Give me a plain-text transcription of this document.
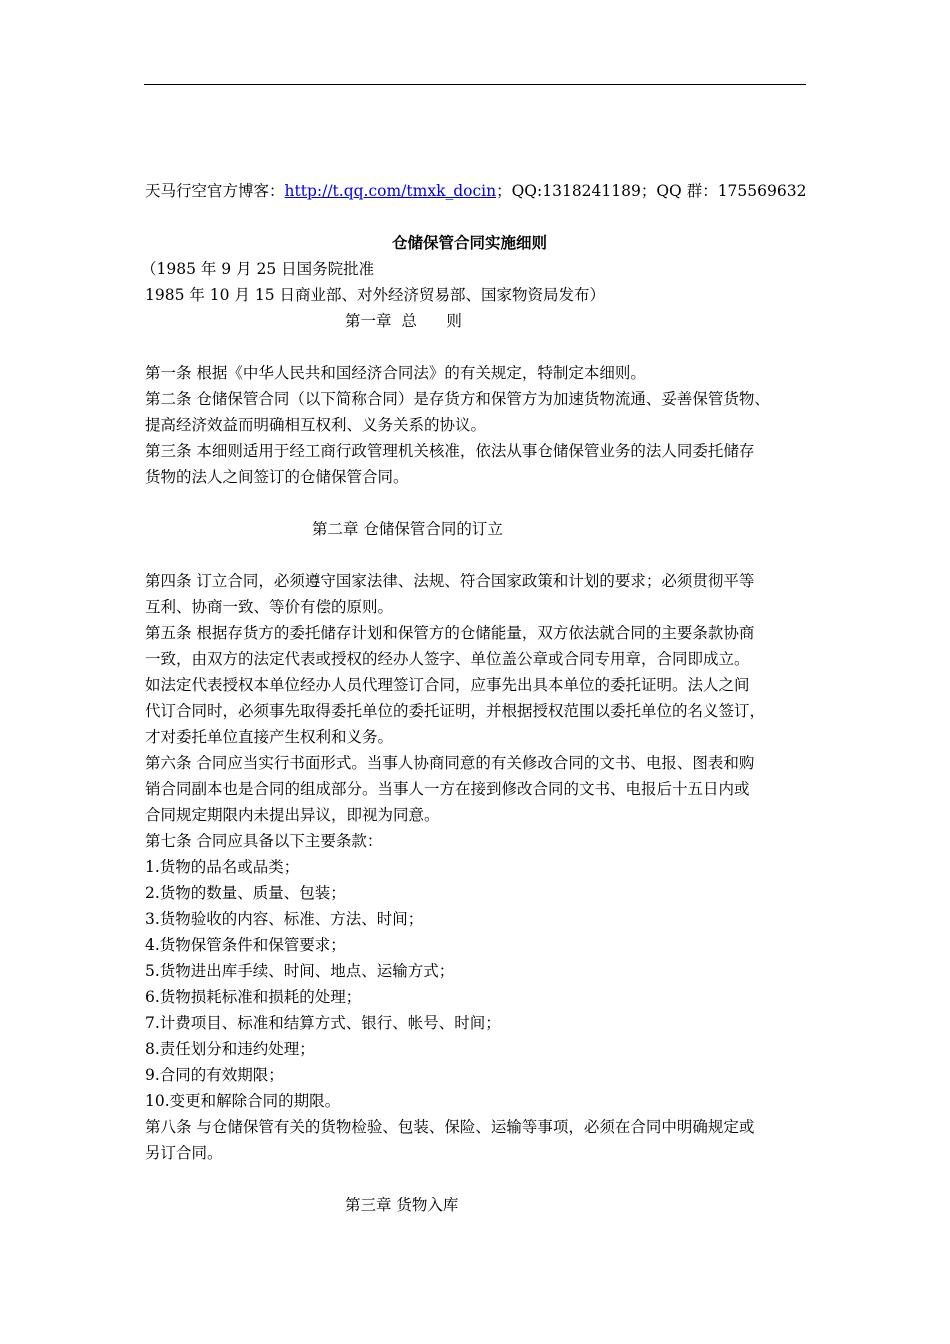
天马行空官方博客：http://t.qq.com/tmxk_docin；QQ:1318241189；QQ 群：175569632
仓储保管合同实施细则
（1985 年 9 月 25 日国务院批准
1985 年 10 月 15 日商业部、对外经济贸易部、国家物资局发布）
第一章  总      则
第一条 根据《中华人民共和国经济合同法》的有关规定，特制定本细则。
第二条 仓储保管合同（以下简称合同）是存货方和保管方为加速货物流通、妥善保管货物、
提高经济效益而明确相互权利、义务关系的协议。
第三条 本细则适用于经工商行政管理机关核准，依法从事仓储保管业务的法人同委托储存
货物的法人之间签订的仓储保管合同。
第二章 仓储保管合同的订立
第四条 订立合同，必须遵守国家法律、法规、符合国家政策和计划的要求；必须贯彻平等
互利、协商一致、等价有偿的原则。
第五条 根据存货方的委托储存计划和保管方的仓储能量，双方依法就合同的主要条款协商
一致，由双方的法定代表或授权的经办人签字、单位盖公章或合同专用章，合同即成立。
如法定代表授权本单位经办人员代理签订合同，应事先出具本单位的委托证明。法人之间
代订合同时，必须事先取得委托单位的委托证明，并根据授权范围以委托单位的名义签订，
才对委托单位直接产生权利和义务。
第六条 合同应当实行书面形式。当事人协商同意的有关修改合同的文书、电报、图表和购
销合同副本也是合同的组成部分。当事人一方在接到修改合同的文书、电报后十五日内或
合同规定期限内未提出异议，即视为同意。
第七条 合同应具备以下主要条款：
1.货物的品名或品类；
2.货物的数量、质量、包装；
3.货物验收的内容、标准、方法、时间；
4.货物保管条件和保管要求；
5.货物进出库手续、时间、地点、运输方式；
6.货物损耗标准和损耗的处理；
7.计费项目、标准和结算方式、银行、帐号、时间；
8.责任划分和违约处理；
9.合同的有效期限；
10.变更和解除合同的期限。
第八条 与仓储保管有关的货物检验、包装、保险、运输等事项，必须在合同中明确规定或
另订合同。
第三章 货物入库
